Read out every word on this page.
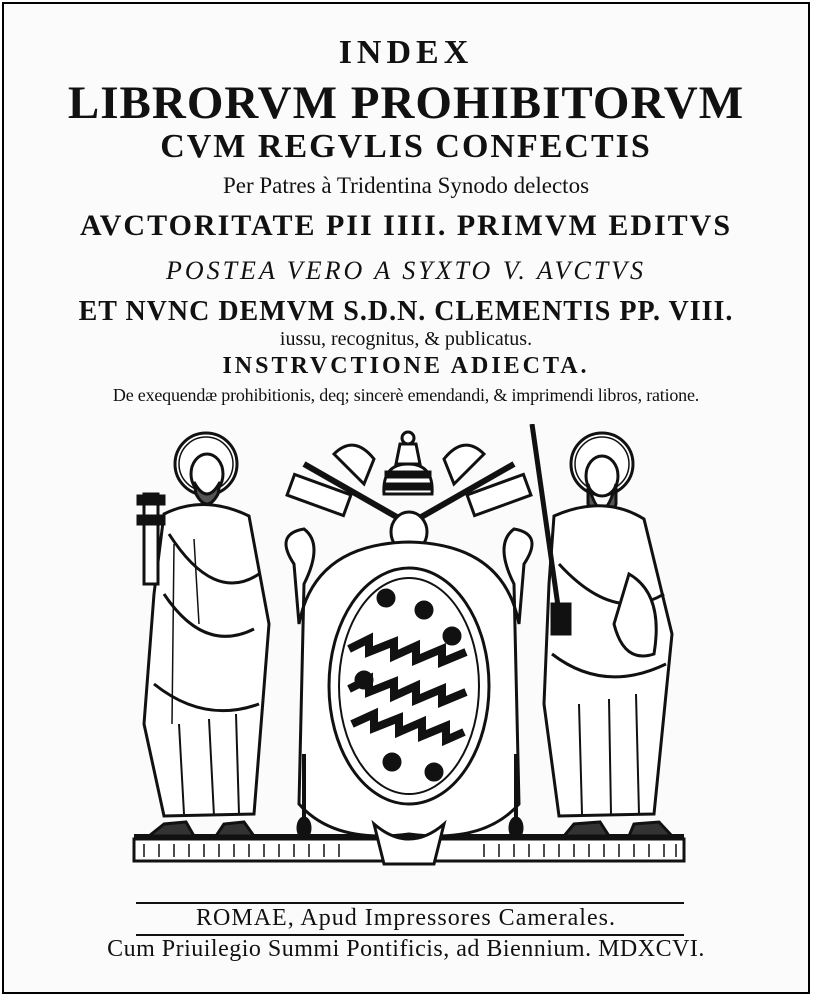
INDEX
LIBRORVM PROHIBITORVM
CVM REGVLIS CONFECTIS
Per Patres à Tridentina Synodo delectos
AVCTORITATE PII IIII. PRIMVM EDITVS
POSTEA VERO A SYXTO V. AVCTVS
ET NVNC DEMVM S.D.N. CLEMENTIS PP. VIII.
iussu, recognitus, & publicatus.
INSTRVCTIONE ADIECTA.
De exequendæ prohibitionis, deq; sincerè emendandi, & imprimendi libros, ratione.
ROMAE, Apud Impressores Camerales.
Cum Priuilegio Summi Pontificis, ad Biennium. MDXCVI.
